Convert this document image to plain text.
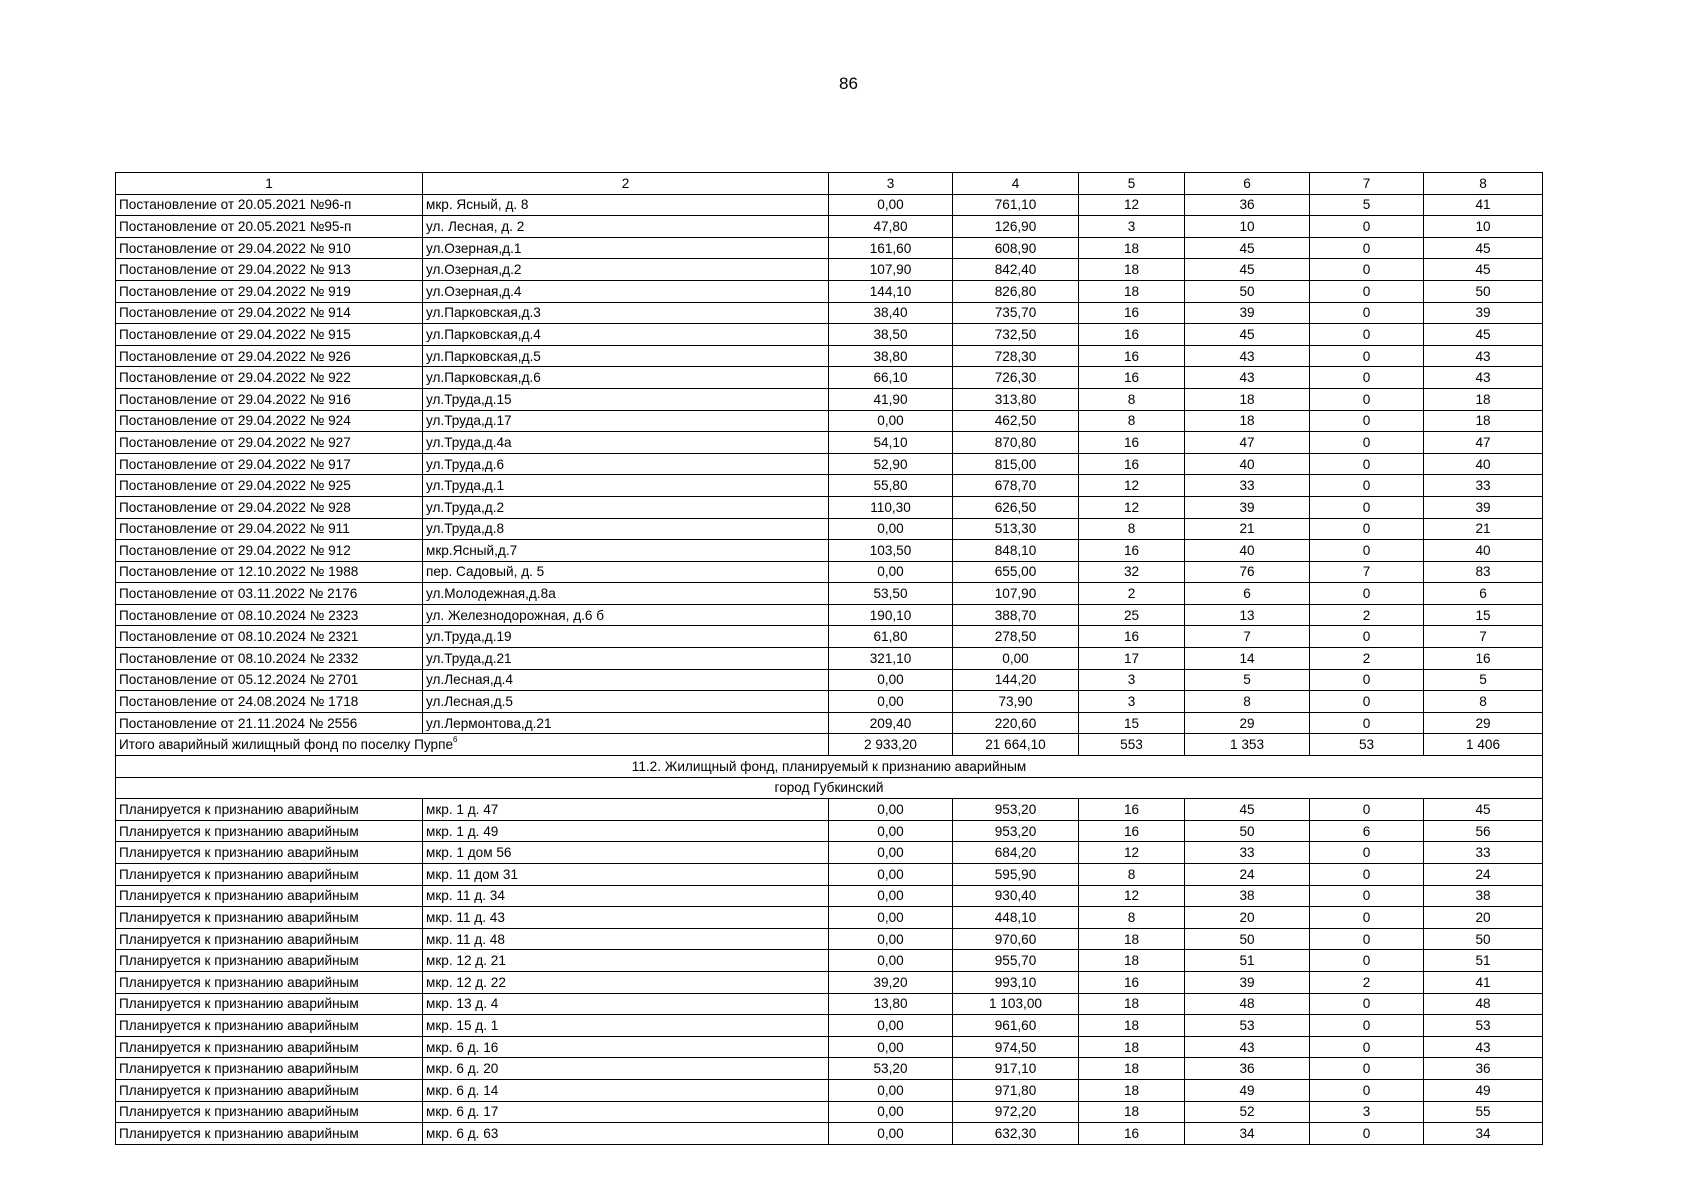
86
1	2	3	4	5	6	7	8
Постановление от 20.05.2021 №96-п	мкр. Ясный, д. 8	0,00	761,10	12	36	5	41
Постановление от 20.05.2021 №95-п	ул. Лесная, д. 2	47,80	126,90	3	10	0	10
Постановление от 29.04.2022 № 910	ул.Озерная,д.1	161,60	608,90	18	45	0	45
Постановление от 29.04.2022 № 913	ул.Озерная,д.2	107,90	842,40	18	45	0	45
Постановление от 29.04.2022 № 919	ул.Озерная,д.4	144,10	826,80	18	50	0	50
Постановление от 29.04.2022 № 914	ул.Парковская,д.3	38,40	735,70	16	39	0	39
Постановление от 29.04.2022 № 915	ул.Парковская,д.4	38,50	732,50	16	45	0	45
Постановление от 29.04.2022 № 926	ул.Парковская,д.5	38,80	728,30	16	43	0	43
Постановление от 29.04.2022 № 922	ул.Парковская,д.6	66,10	726,30	16	43	0	43
Постановление от 29.04.2022 № 916	ул.Труда,д.15	41,90	313,80	8	18	0	18
Постановление от 29.04.2022 № 924	ул.Труда,д.17	0,00	462,50	8	18	0	18
Постановление от 29.04.2022 № 927	ул.Труда,д.4а	54,10	870,80	16	47	0	47
Постановление от 29.04.2022 № 917	ул.Труда,д.6	52,90	815,00	16	40	0	40
Постановление от 29.04.2022 № 925	ул.Труда,д.1	55,80	678,70	12	33	0	33
Постановление от 29.04.2022 № 928	ул.Труда,д.2	110,30	626,50	12	39	0	39
Постановление от 29.04.2022 № 911	ул.Труда,д.8	0,00	513,30	8	21	0	21
Постановление от 29.04.2022 № 912	мкр.Ясный,д.7	103,50	848,10	16	40	0	40
Постановление от 12.10.2022 № 1988	пер. Садовый, д. 5	0,00	655,00	32	76	7	83
Постановление от 03.11.2022 № 2176	ул.Молодежная,д.8а	53,50	107,90	2	6	0	6
Постановление от 08.10.2024 № 2323	ул. Железнодорожная, д.6 б	190,10	388,70	25	13	2	15
Постановление от 08.10.2024 № 2321	ул.Труда,д.19	61,80	278,50	16	7	0	7
Постановление от 08.10.2024 № 2332	ул.Труда,д.21	321,10	0,00	17	14	2	16
Постановление от 05.12.2024 № 2701	ул.Лесная,д.4	0,00	144,20	3	5	0	5
Постановление от 24.08.2024 № 1718	ул.Лесная,д.5	0,00	73,90	3	8	0	8
Постановление от 21.11.2024 № 2556	ул.Лермонтова,д.21	209,40	220,60	15	29	0	29
Итого аварийный жилищный фонд по поселку Пурпе$^6$		2 933,20	21 664,10	553	1 353	53	1 406
11.2. Жилищный фонд, планируемый к признанию аварийным							
город Губкинский							
Планируется к признанию аварийным	мкр. 1 д. 47	0,00	953,20	16	45	0	45
Планируется к признанию аварийным	мкр. 1 д. 49	0,00	953,20	16	50	6	56
Планируется к признанию аварийным	мкр. 1 дом 56	0,00	684,20	12	33	0	33
Планируется к признанию аварийным	мкр. 11 дом 31	0,00	595,90	8	24	0	24
Планируется к признанию аварийным	мкр. 11 д. 34	0,00	930,40	12	38	0	38
Планируется к признанию аварийным	мкр. 11 д. 43	0,00	448,10	8	20	0	20
Планируется к признанию аварийным	мкр. 11 д. 48	0,00	970,60	18	50	0	50
Планируется к признанию аварийным	мкр. 12 д. 21	0,00	955,70	18	51	0	51
Планируется к признанию аварийным	мкр. 12 д. 22	39,20	993,10	16	39	2	41
Планируется к признанию аварийным	мкр. 13 д. 4	13,80	1 103,00	18	48	0	48
Планируется к признанию аварийным	мкр. 15 д. 1	0,00	961,60	18	53	0	53
Планируется к признанию аварийным	мкр. 6 д. 16	0,00	974,50	18	43	0	43
Планируется к признанию аварийным	мкр. 6 д. 20	53,20	917,10	18	36	0	36
Планируется к признанию аварийным	мкр. 6 д. 14	0,00	971,80	18	49	0	49
Планируется к признанию аварийным	мкр. 6 д. 17	0,00	972,20	18	52	3	55
Планируется к признанию аварийным	мкр. 6 д. 63	0,00	632,30	16	34	0	34
